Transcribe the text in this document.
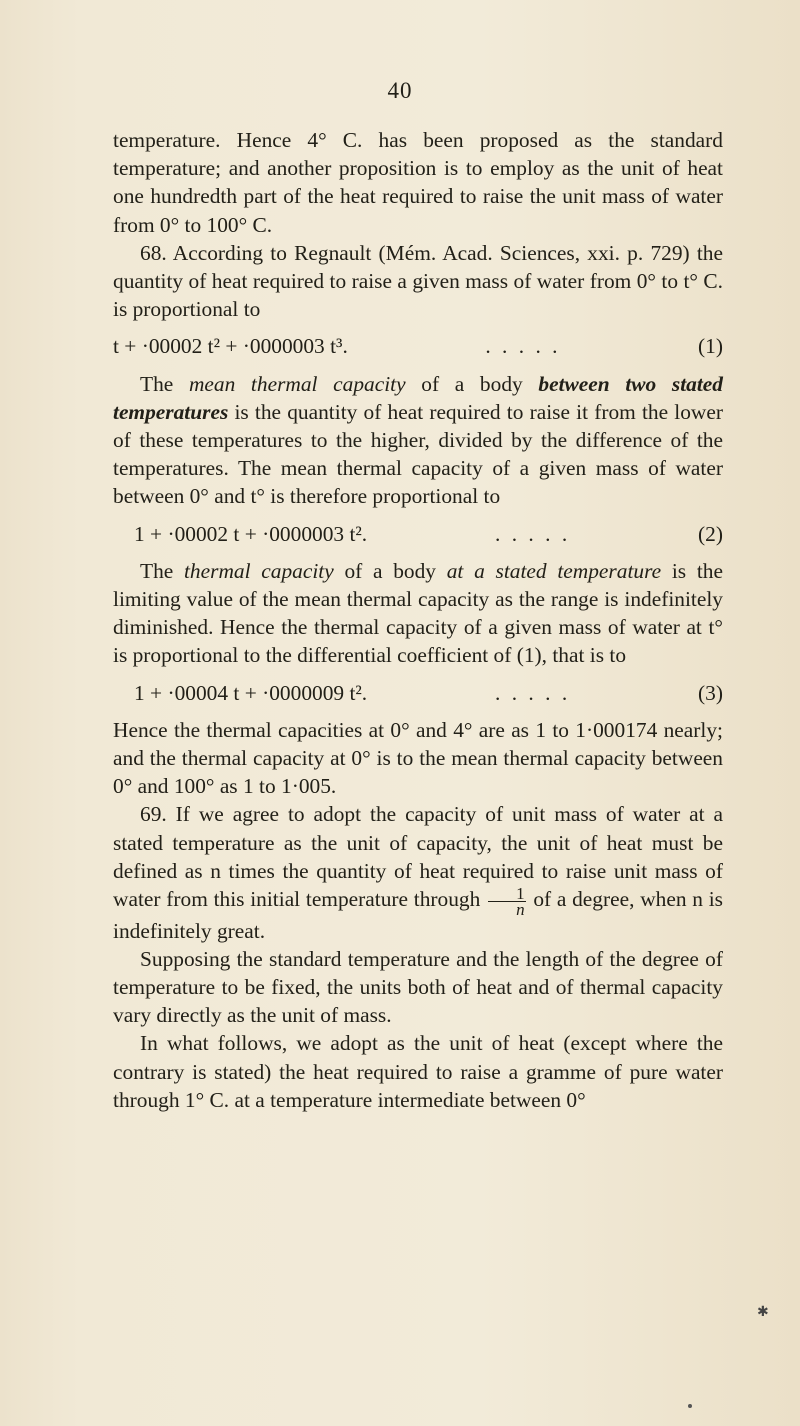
40

temperature. Hence 4° C. has been proposed as the standard temperature; and another proposition is to employ as the unit of heat one hundredth part of the heat required to raise the unit mass of water from 0° to 100° C.

68. According to Regnault (Mém. Acad. Sciences, xxi. p. 729) the quantity of heat required to raise a given mass of water from 0° to t° C. is proportional to

t + ·00002 t² + ·0000003 t³.	. . . . .	(1)

The mean thermal capacity of a body between two stated temperatures is the quantity of heat required to raise it from the lower of these temperatures to the higher, divided by the difference of the temperatures. The mean thermal capacity of a given mass of water between 0° and t° is therefore proportional to

1 + ·00002 t + ·0000003 t².	. . . . .	(2)

The thermal capacity of a body at a stated temperature is the limiting value of the mean thermal capacity as the range is indefinitely diminished. Hence the thermal capacity of a given mass of water at t° is proportional to the differential coefficient of (1), that is to

1 + ·00004 t + ·0000009 t².	. . . . .	(3)

Hence the thermal capacities at 0° and 4° are as 1 to 1·000174 nearly; and the thermal capacity at 0° is to the mean thermal capacity between 0° and 100° as 1 to 1·005.

69. If we agree to adopt the capacity of unit mass of water at a stated temperature as the unit of capacity, the unit of heat must be defined as n times the quantity of heat required to raise unit mass of water from this initial temperature through $\frac{1}{n}$ of a degree, when n is indefinitely great.

Supposing the standard temperature and the length of the degree of temperature to be fixed, the units both of heat and of thermal capacity vary directly as the unit of mass.

In what follows, we adopt as the unit of heat (except where the contrary is stated) the heat required to raise a gramme of pure water through 1° C. at a temperature intermediate between 0°

✱
